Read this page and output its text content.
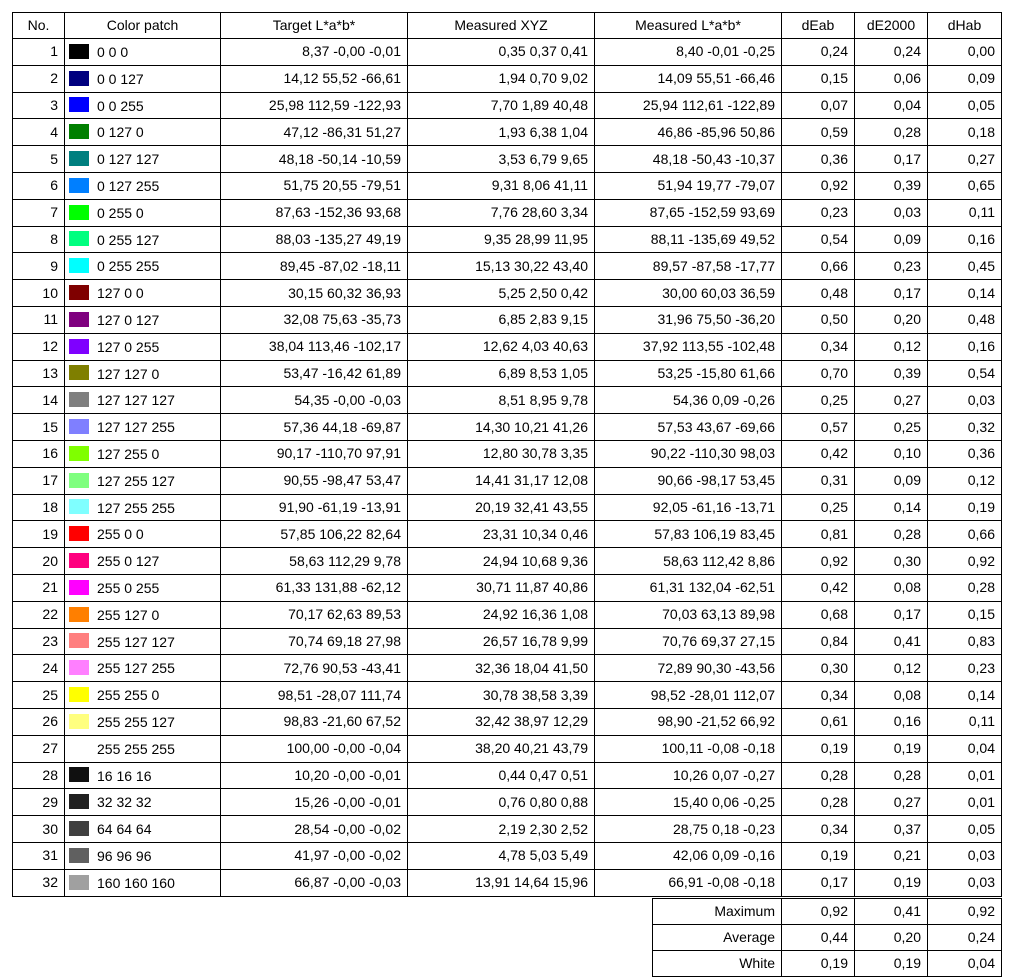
No.	Color patch	Target L*a*b*	Measured XYZ	Measured L*a*b*	dEab	dE2000	dHab
1	0 0 0	8,37 -0,00 -0,01	0,35 0,37 0,41	8,40 -0,01 -0,25	0,24	0,24	0,00
2	0 0 127	14,12 55,52 -66,61	1,94 0,70 9,02	14,09 55,51 -66,46	0,15	0,06	0,09
3	0 0 255	25,98 112,59 -122,93	7,70 1,89 40,48	25,94 112,61 -122,89	0,07	0,04	0,05
4	0 127 0	47,12 -86,31 51,27	1,93 6,38 1,04	46,86 -85,96 50,86	0,59	0,28	0,18
5	0 127 127	48,18 -50,14 -10,59	3,53 6,79 9,65	48,18 -50,43 -10,37	0,36	0,17	0,27
6	0 127 255	51,75 20,55 -79,51	9,31 8,06 41,11	51,94 19,77 -79,07	0,92	0,39	0,65
7	0 255 0	87,63 -152,36 93,68	7,76 28,60 3,34	87,65 -152,59 93,69	0,23	0,03	0,11
8	0 255 127	88,03 -135,27 49,19	9,35 28,99 11,95	88,11 -135,69 49,52	0,54	0,09	0,16
9	0 255 255	89,45 -87,02 -18,11	15,13 30,22 43,40	89,57 -87,58 -17,77	0,66	0,23	0,45
10	127 0 0	30,15 60,32 36,93	5,25 2,50 0,42	30,00 60,03 36,59	0,48	0,17	0,14
11	127 0 127	32,08 75,63 -35,73	6,85 2,83 9,15	31,96 75,50 -36,20	0,50	0,20	0,48
12	127 0 255	38,04 113,46 -102,17	12,62 4,03 40,63	37,92 113,55 -102,48	0,34	0,12	0,16
13	127 127 0	53,47 -16,42 61,89	6,89 8,53 1,05	53,25 -15,80 61,66	0,70	0,39	0,54
14	127 127 127	54,35 -0,00 -0,03	8,51 8,95 9,78	54,36 0,09 -0,26	0,25	0,27	0,03
15	127 127 255	57,36 44,18 -69,87	14,30 10,21 41,26	57,53 43,67 -69,66	0,57	0,25	0,32
16	127 255 0	90,17 -110,70 97,91	12,80 30,78 3,35	90,22 -110,30 98,03	0,42	0,10	0,36
17	127 255 127	90,55 -98,47 53,47	14,41 31,17 12,08	90,66 -98,17 53,45	0,31	0,09	0,12
18	127 255 255	91,90 -61,19 -13,91	20,19 32,41 43,55	92,05 -61,16 -13,71	0,25	0,14	0,19
19	255 0 0	57,85 106,22 82,64	23,31 10,34 0,46	57,83 106,19 83,45	0,81	0,28	0,66
20	255 0 127	58,63 112,29 9,78	24,94 10,68 9,36	58,63 112,42 8,86	0,92	0,30	0,92
21	255 0 255	61,33 131,88 -62,12	30,71 11,87 40,86	61,31 132,04 -62,51	0,42	0,08	0,28
22	255 127 0	70,17 62,63 89,53	24,92 16,36 1,08	70,03 63,13 89,98	0,68	0,17	0,15
23	255 127 127	70,74 69,18 27,98	26,57 16,78 9,99	70,76 69,37 27,15	0,84	0,41	0,83
24	255 127 255	72,76 90,53 -43,41	32,36 18,04 41,50	72,89 90,30 -43,56	0,30	0,12	0,23
25	255 255 0	98,51 -28,07 111,74	30,78 38,58 3,39	98,52 -28,01 112,07	0,34	0,08	0,14
26	255 255 127	98,83 -21,60 67,52	32,42 38,97 12,29	98,90 -21,52 66,92	0,61	0,16	0,11
27	255 255 255	100,00 -0,00 -0,04	38,20 40,21 43,79	100,11 -0,08 -0,18	0,19	0,19	0,04
28	16 16 16	10,20 -0,00 -0,01	0,44 0,47 0,51	10,26 0,07 -0,27	0,28	0,28	0,01
29	32 32 32	15,26 -0,00 -0,01	0,76 0,80 0,88	15,40 0,06 -0,25	0,28	0,27	0,01
30	64 64 64	28,54 -0,00 -0,02	2,19 2,30 2,52	28,75 0,18 -0,23	0,34	0,37	0,05
31	96 96 96	41,97 -0,00 -0,02	4,78 5,03 5,49	42,06 0,09 -0,16	0,19	0,21	0,03
32	160 160 160	66,87 -0,00 -0,03	13,91 14,64 15,96	66,91 -0,08 -0,18	0,17	0,19	0,03
Maximum	0,92	0,41	0,92
Average	0,44	0,20	0,24
White	0,19	0,19	0,04
